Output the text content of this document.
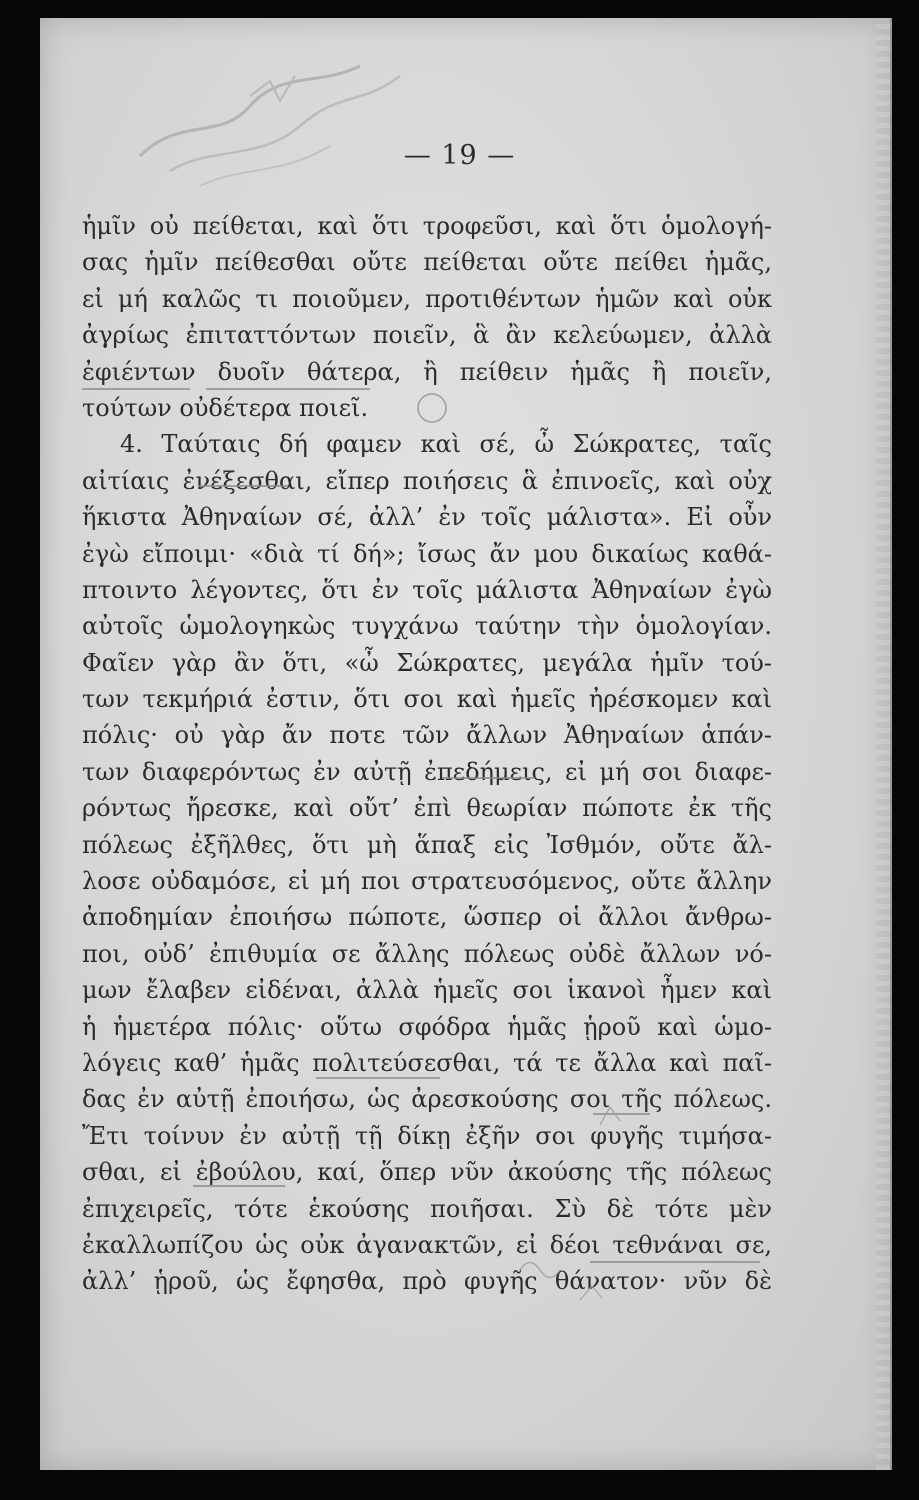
— 19 —
ἡμῖν οὐ πείθεται, καὶ ὅτι τροφεῦσι, καὶ ὅτι ὁμολογή-
σας ἡμῖν πείθεσθαι οὔτε πείθεται οὔτε πείθει ἡμᾶς,
εἰ μή καλῶς τι ποιοῦμεν, προτιθέντων ἡμῶν καὶ οὐκ
ἀγρίως ἐπιταττόντων ποιεῖν, ἃ ἂν κελεύωμεν, ἀλλὰ
ἐφιέντων δυοῖν θάτερα, ἢ πείθειν ἡμᾶς ἢ ποιεῖν,
τούτων οὐδέτερα ποιεῖ.
4. Ταύταις δή φαμεν καὶ σέ, ὦ Σώκρατες, ταῖς
αἰτίαις ἐνέξεσθαι, εἴπερ ποιήσεις ἃ ἐπινοεῖς, καὶ οὐχ
ἥκιστα Ἀθηναίων σέ, ἀλλ’ ἐν τοῖς μάλιστα». Εἰ οὖν
ἐγὼ εἴποιμι· «διὰ τί δή»; ἴσως ἄν μου δικαίως καθά-
πτοιντο λέγοντες, ὅτι ἐν τοῖς μάλιστα Ἀθηναίων ἐγὼ
αὐτοῖς ὡμολογηκὼς τυγχάνω ταύτην τὴν ὁμολογίαν.
Φαῖεν γὰρ ἂν ὅτι, «ὦ Σώκρατες, μεγάλα ἡμῖν τού-
των τεκμήριά ἐστιν, ὅτι σοι καὶ ἡμεῖς ἠρέσκομεν καὶ
πόλις· οὐ γὰρ ἄν ποτε τῶν ἄλλων Ἀθηναίων ἁπάν-
των διαφερόντως ἐν αὐτῇ ἐπεδήμεις, εἰ μή σοι διαφε-
ρόντως ἤρεσκε, καὶ οὔτ’ ἐπὶ θεωρίαν πώποτε ἐκ τῆς
πόλεως ἐξῆλθες, ὅτι μὴ ἅπαξ εἰς Ἰσθμόν, οὔτε ἄλ-
λοσε οὐδαμόσε, εἰ μή ποι στρατευσόμενος, οὔτε ἄλλην
ἀποδημίαν ἐποιήσω πώποτε, ὥσπερ οἱ ἄλλοι ἄνθρω-
ποι, οὐδ’ ἐπιθυμία σε ἄλλης πόλεως οὐδὲ ἄλλων νό-
μων ἔλαβεν εἰδέναι, ἀλλὰ ἡμεῖς σοι ἱκανοὶ ἦμεν καὶ
ἡ ἡμετέρα πόλις· οὕτω σφόδρα ἡμᾶς ᾑροῦ καὶ ὡμο-
λόγεις καθ’ ἡμᾶς πολιτεύσεσθαι, τά τε ἄλλα καὶ παῖ-
δας ἐν αὐτῇ ἐποιήσω, ὡς ἀρεσκούσης σοι τῆς πόλεως.
Ἔτι τοίνυν ἐν αὐτῇ τῇ δίκῃ ἐξῆν σοι φυγῆς τιμήσα-
σθαι, εἰ ἐβούλου, καί, ὅπερ νῦν ἀκούσης τῆς πόλεως
ἐπιχειρεῖς, τότε ἑκούσης ποιῆσαι. Σὺ δὲ τότε μὲν
ἐκαλλωπίζου ὡς οὐκ ἀγανακτῶν, εἰ δέοι τεθνάναι σε,
ἀλλ’ ᾑροῦ, ὡς ἔφησθα, πρὸ φυγῆς θάνατον· νῦν δὲ
